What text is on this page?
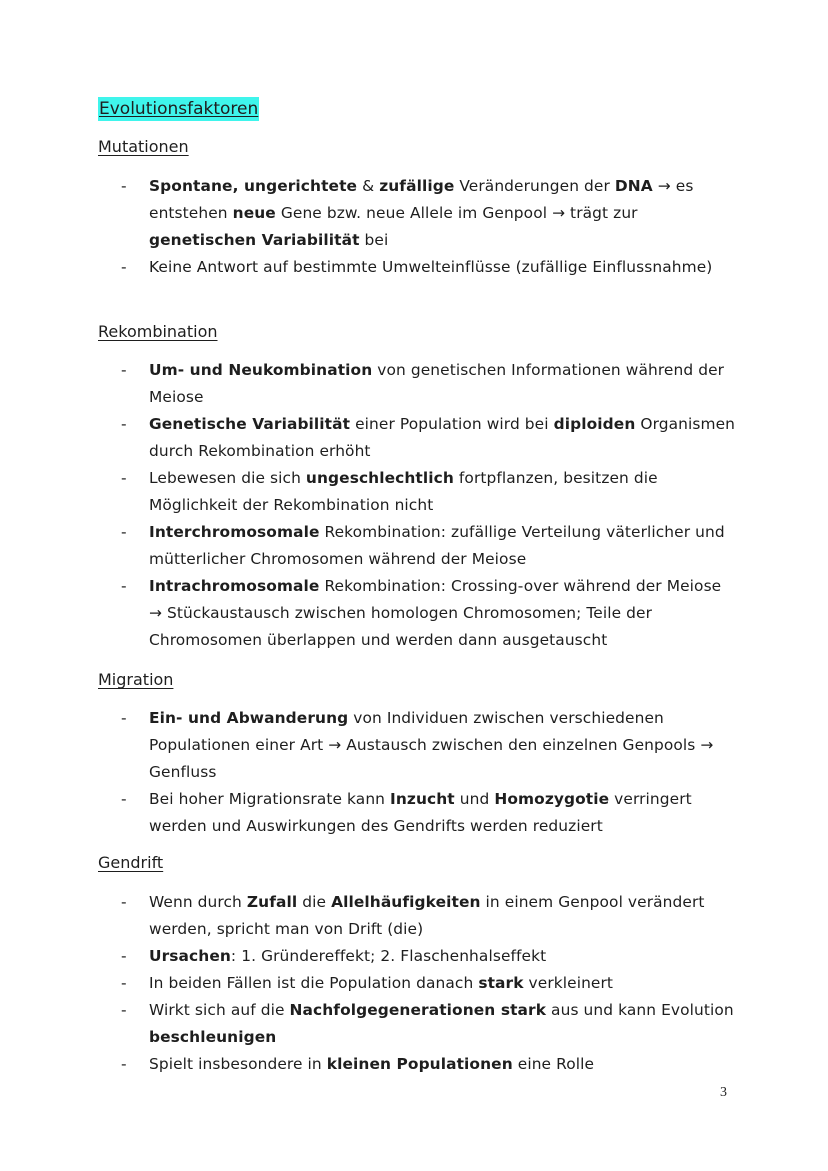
Evolutionsfaktoren
Mutationen
- Spontane, ungerichtete & zufällige Veränderungen der DNA → es entstehen neue Gene bzw. neue Allele im Genpool → trägt zur genetischen Variabilität bei
- Keine Antwort auf bestimmte Umwelteinflüsse (zufällige Einflussnahme)
Rekombination
- Um- und Neukombination von genetischen Informationen während der Meiose
- Genetische Variabilität einer Population wird bei diploiden Organismen durch Rekombination erhöht
- Lebewesen die sich ungeschlechtlich fortpflanzen, besitzen die Möglichkeit der Rekombination nicht
- Interchromosomale Rekombination: zufällige Verteilung väterlicher und mütterlicher Chromosomen während der Meiose
- Intrachromosomale Rekombination: Crossing-over während der Meiose → Stückaustausch zwischen homologen Chromosomen; Teile der Chromosomen überlappen und werden dann ausgetauscht
Migration
- Ein- und Abwanderung von Individuen zwischen verschiedenen Populationen einer Art → Austausch zwischen den einzelnen Genpools → Genfluss
- Bei hoher Migrationsrate kann Inzucht und Homozygotie verringert werden und Auswirkungen des Gendrifts werden reduziert
Gendrift
- Wenn durch Zufall die Allelhäufigkeiten in einem Genpool verändert werden, spricht man von Drift (die)
- Ursachen: 1. Gründereffekt; 2. Flaschenhalseffekt
- In beiden Fällen ist die Population danach stark verkleinert
- Wirkt sich auf die Nachfolgegenerationen stark aus und kann Evolution beschleunigen
- Spielt insbesondere in kleinen Populationen eine Rolle
3
